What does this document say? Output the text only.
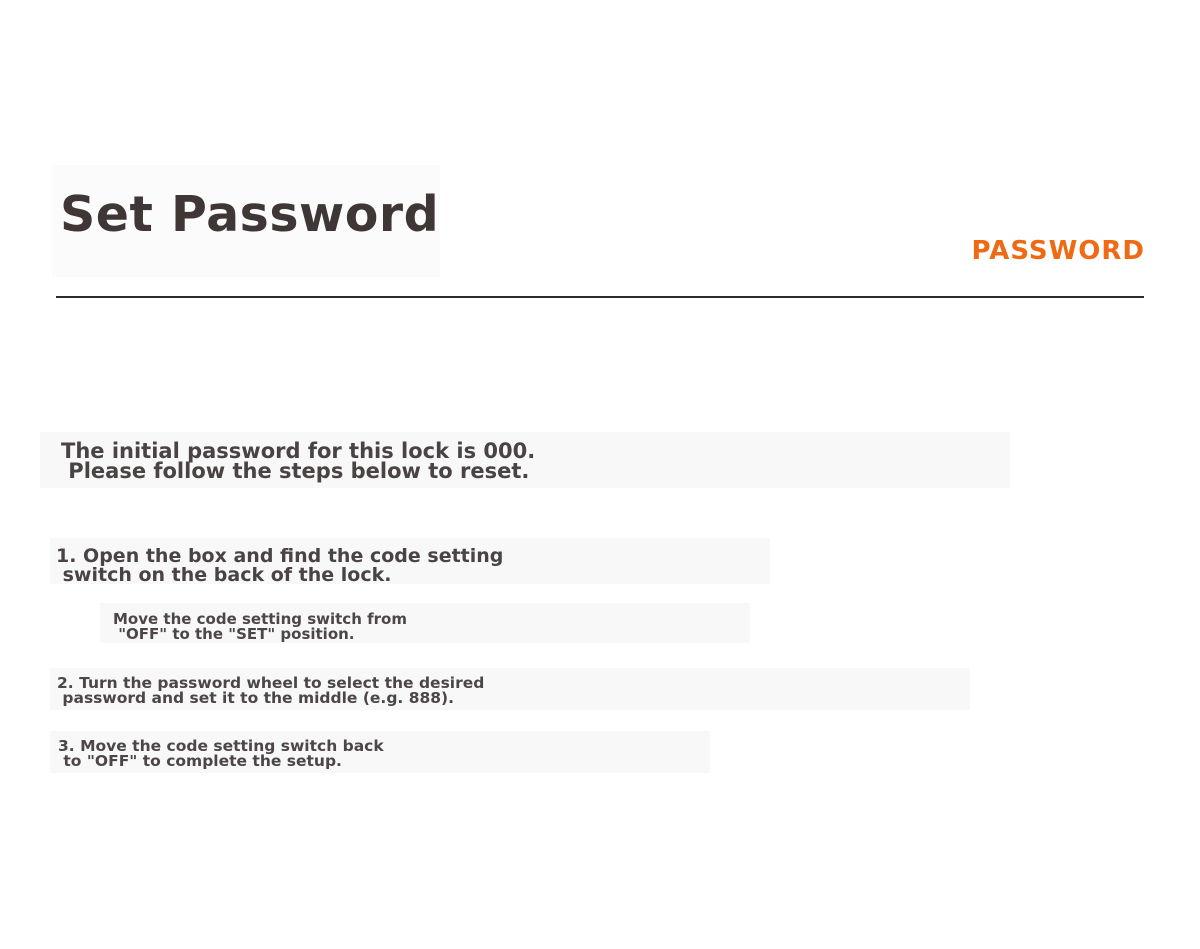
Set Password
PASSWORD
The initial password for this lock is 000.
Please follow the steps below to reset.
1. Open the box and find the code setting
switch on the back of the lock.
Move the code setting switch from
"OFF" to the "SET" position.
2. Turn the password wheel to select the desired
password and set it to the middle (e.g. 888).
3. Move the code setting switch back
to "OFF" to complete the setup.
